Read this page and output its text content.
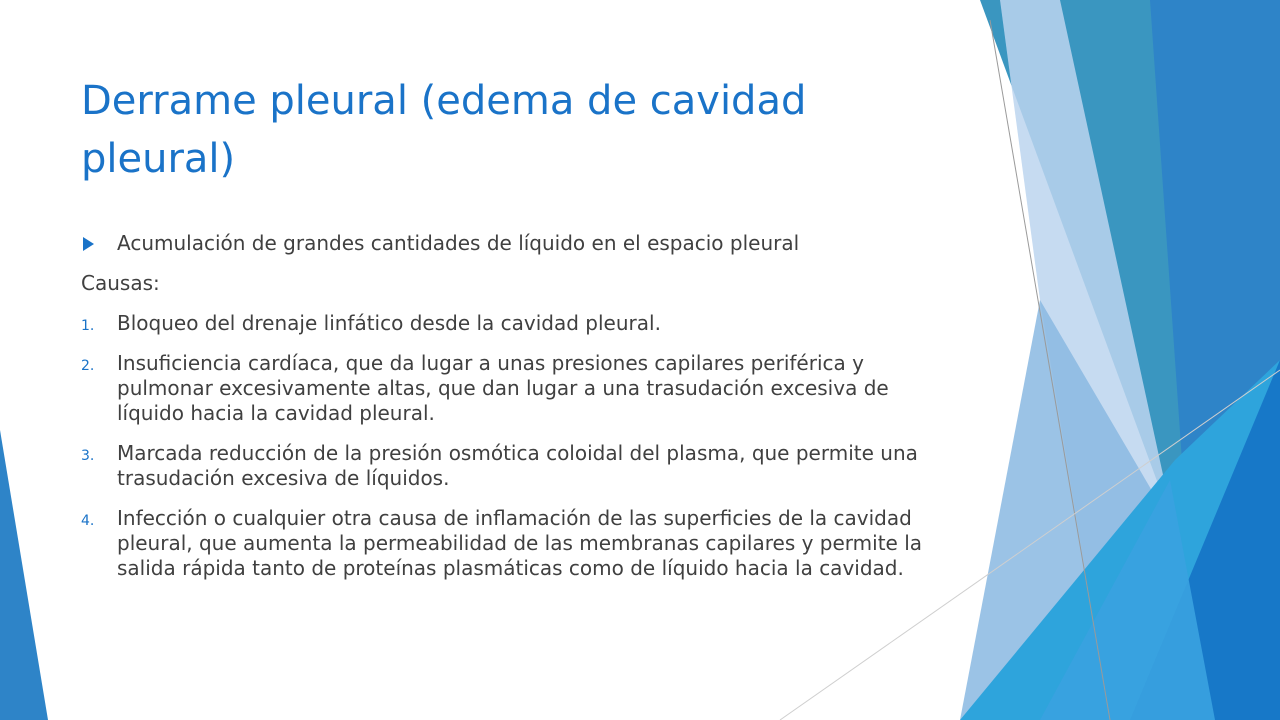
Derrame pleural (edema de cavidad pleural)
Acumulación de grandes cantidades de líquido en el espacio pleural
Causas:
1. Bloqueo del drenaje linfático desde la cavidad pleural.
2. Insuficiencia cardíaca, que da lugar a unas presiones capilares periférica y pulmonar excesivamente altas, que dan lugar a una trasudación excesiva de líquido hacia la cavidad pleural.
3. Marcada reducción de la presión osmótica coloidal del plasma, que permite una trasudación excesiva de líquidos.
4. Infección o cualquier otra causa de inflamación de las superficies de la cavidad pleural, que aumenta la permeabilidad de las membranas capilares y permite la salida rápida tanto de proteínas plasmáticas como de líquido hacia la cavidad.
